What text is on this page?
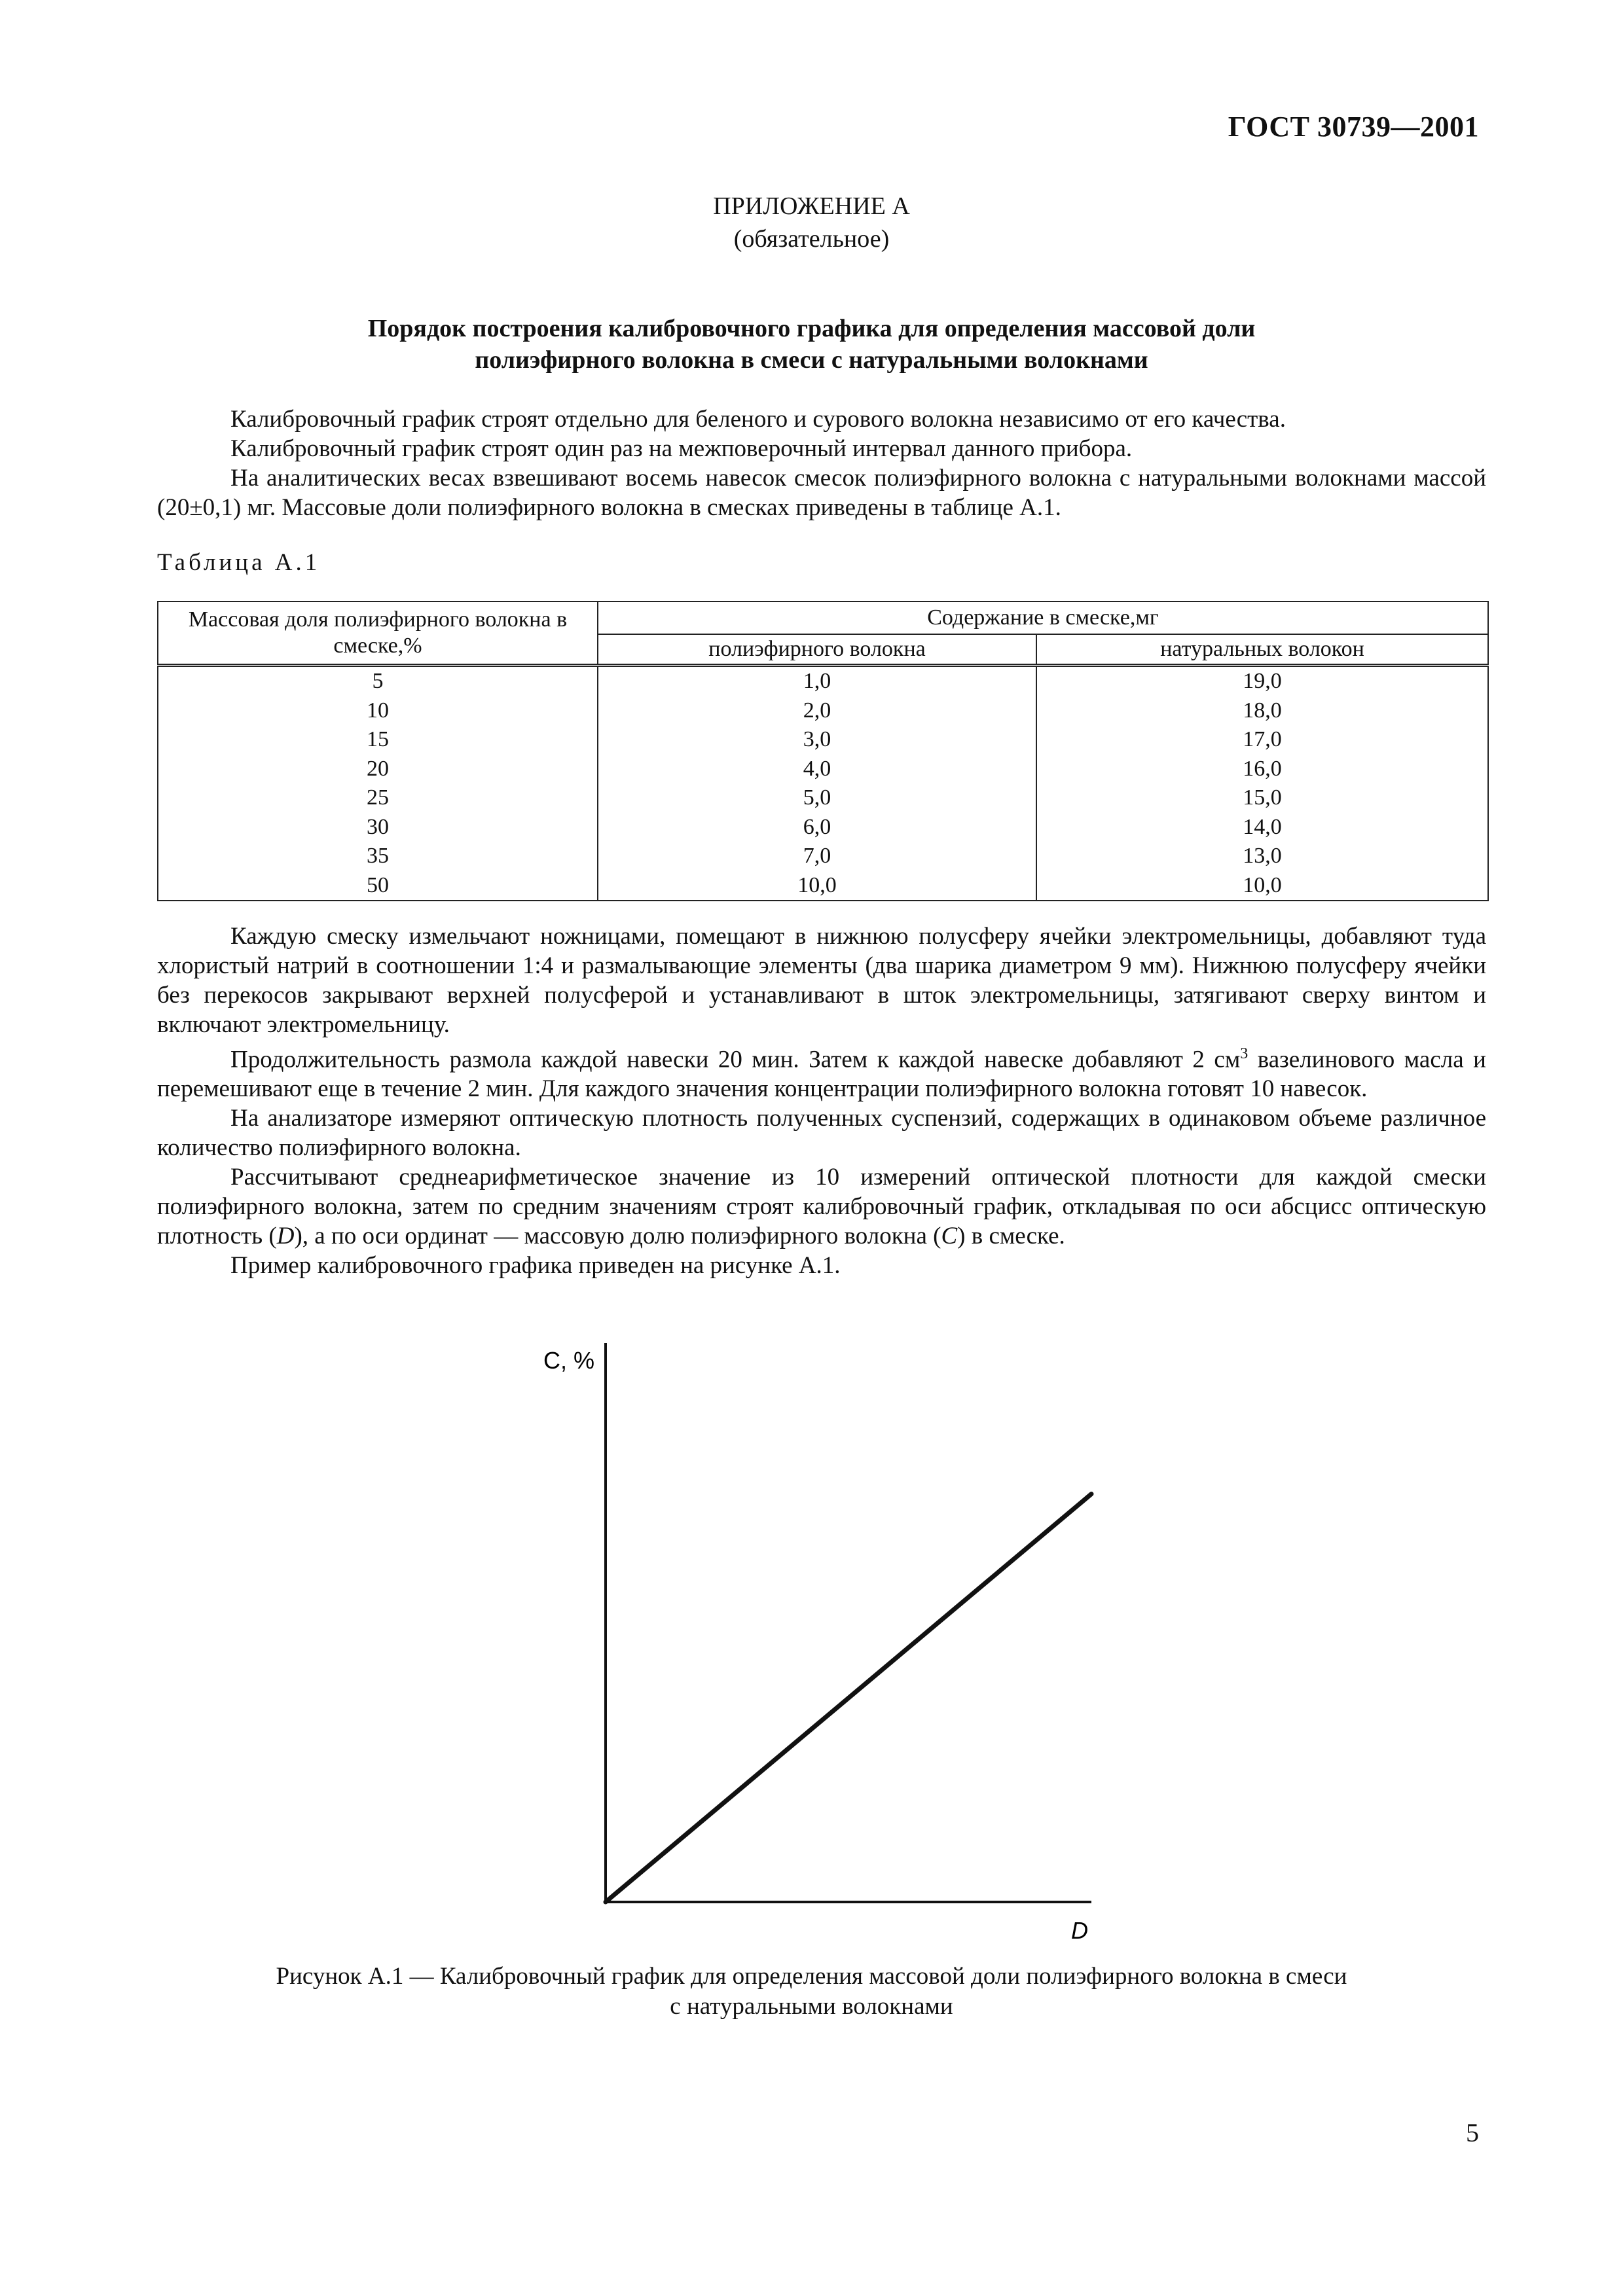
ГОСТ 30739—2001
ПРИЛОЖЕНИЕ А
(обязательное)
Порядок построения калибровочного графика для определения массовой доли
полиэфирного волокна в смеси с натуральными волокнами

Калибровочный график строят отдельно для беленого и сурового волокна независимо от его качества.

Калибровочный график строят один раз на межповерочный интервал данного прибора.

На аналитических весах взвешивают восемь навесок смесок полиэфирного волокна с натуральными волокнами массой (20±0,1) мг. Массовые доли полиэфирного волокна в смесках приведены в таблице А.1.

Таблица А.1
Массовая доля полиэфирного волокна в смеске,%	Содержание в смеске,мг	
	полиэфирного волокна	натуральных волокон
5	1,0	19,0
10	2,0	18,0
15	3,0	17,0
20	4,0	16,0
25	5,0	15,0
30	6,0	14,0
35	7,0	13,0
50	10,0	10,0

Каждую смеску измельчают ножницами, помещают в нижнюю полусферу ячейки электромельницы, добавляют туда хлористый натрий в соотношении 1:4 и размалывающие элементы (два шарика диаметром 9 мм). Нижнюю полусферу ячейки без перекосов закрывают верхней полусферой и устанавливают в шток электромельницы, затягивают сверху винтом и включают электромельницу.

Продолжительность размола каждой навески 20 мин. Затем к каждой навеске добавляют 2 $см^3$ вазелинового масла и перемешивают еще в течение 2 мин. Для каждого значения концентрации полиэфирного волокна готовят 10 навесок.

На анализаторе измеряют оптическую плотность полученных суспензий, содержащих в одинаковом объеме различное количество полиэфирного волокна.

Рассчитывают среднеарифметическое значение из 10 измерений оптической плотности для каждой смески полиэфирного волокна, затем по средним значениям строят калибровочный график, откладывая по оси абсцисс оптическую плотность (D), а по оси ординат — массовую долю полиэфирного волокна (C) в смеске.

Пример калибровочного графика приведен на рисунке А.1.

C, %
D
Рисунок А.1 — Калибровочный график для определения массовой доли полиэфирного волокна в смеси
с натуральными волокнами
5
